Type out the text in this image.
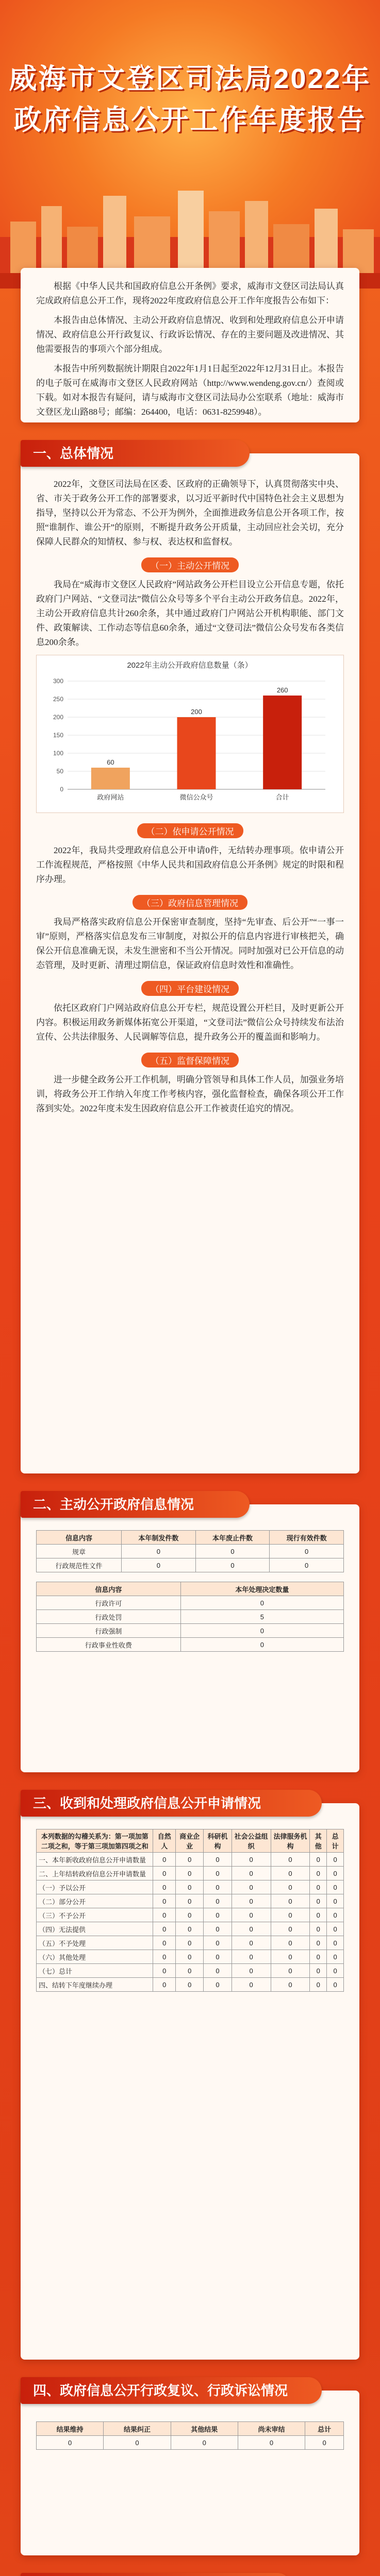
威海市文登区司法局2022年
政府信息公开工作年度报告

根据《中华人民共和国政府信息公开条例》要求，威海市文登区司法局认真完成政府信息公开工作，现将2022年度政府信息公开工作年度报告公布如下：

本报告由总体情况、主动公开政府信息情况、收到和处理政府信息公开申请情况、政府信息公开行政复议、行政诉讼情况、存在的主要问题及改进情况、其他需要报告的事项六个部分组成。

本报告中所列数据统计期限自2022年1月1日起至2022年12月31日止。本报告的电子版可在威海市文登区人民政府网站（http://www.wendeng.gov.cn/）查阅或下载。如对本报告有疑问，请与威海市文登区司法局办公室联系（地址：威海市文登区龙山路88号；邮编：264400，电话：0631-8259948）。

一、总体情况

2022年，文登区司法局在区委、区政府的正确领导下，认真贯彻落实中央、省、市关于政务公开工作的部署要求，以习近平新时代中国特色社会主义思想为指导，坚持以公开为常态、不公开为例外，全面推进政务信息公开各项工作，按照“谁制作、谁公开”的原则，不断提升政务公开质量，主动回应社会关切，充分保障人民群众的知情权、参与权、表达权和监督权。

（一）主动公开情况

我局在“威海市文登区人民政府”网站政务公开栏目设立公开信息专题，依托政府门户网站、“文登司法”微信公众号等多个平台主动公开政务信息。2022年，主动公开政府信息共计260余条，其中通过政府门户网站公开机构职能、部门文件、政策解读、工作动态等信息60余条，通过“文登司法”微信公众号发布各类信息200余条。

2022年主动公开政府信息数量（条）
0
50
100
150
200
250
300
60
政府网站
200
微信公众号
260
合计
（二）依申请公开情况

2022年，我局共受理政府信息公开申请0件，无结转办理事项。依申请公开工作流程规范，严格按照《中华人民共和国政府信息公开条例》规定的时限和程序办理。

（三）政府信息管理情况

我局严格落实政府信息公开保密审查制度，坚持“先审查、后公开”“一事一审”原则，严格落实信息发布三审制度，对拟公开的信息内容进行审核把关，确保公开信息准确无误，未发生泄密和不当公开情况。同时加强对已公开信息的动态管理，及时更新、清理过期信息，保证政府信息时效性和准确性。

（四）平台建设情况

依托区政府门户网站政府信息公开专栏，规范设置公开栏目，及时更新公开内容。积极运用政务新媒体拓宽公开渠道，“文登司法”微信公众号持续发布法治宣传、公共法律服务、人民调解等信息，提升政务公开的覆盖面和影响力。

（五）监督保障情况

进一步健全政务公开工作机制，明确分管领导和具体工作人员，加强业务培训，将政务公开工作纳入年度工作考核内容，强化监督检查，确保各项公开工作落到实处。2022年度未发生因政府信息公开工作被责任追究的情况。

二、主动公开政府信息情况
信息内容	本年制发件数	本年废止件数	现行有效件数
规章	0	0	0
行政规范性文件	0	0	0
信息内容	本年处理决定数量
行政许可	0
行政处罚	5
行政强制	0
行政事业性收费	0
三、收到和处理政府信息公开申请情况
本列数据的勾稽关系为：第一项加第二项之和，等于第三项加第四项之和	自然人	商业企业	科研机构	社会公益组织	法律服务机构	其他	总计
一、本年新收政府信息公开申请数量	0	0	0	0	0	0	0
二、上年结转政府信息公开申请数量	0	0	0	0	0	0	0
（一）予以公开	0	0	0	0	0	0	0
（二）部分公开	0	0	0	0	0	0	0
（三）不予公开	0	0	0	0	0	0	0
（四）无法提供	0	0	0	0	0	0	0
（五）不予处理	0	0	0	0	0	0	0
（六）其他处理	0	0	0	0	0	0	0
（七）总计	0	0	0	0	0	0	0
四、结转下年度继续办理	0	0	0	0	0	0	0
四、政府信息公开行政复议、行政诉讼情况
结果维持	结果纠正	其他结果	尚未审结	总计
0	0	0	0	0
